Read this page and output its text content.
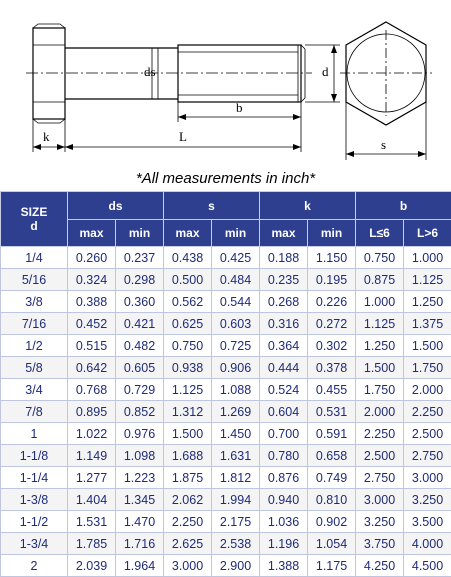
ds	d
b
k	L
s
*All measurements in inch*
SIZE
d	ds		s		k		b	
	max	min	max	min	max	min	L≤6	L>6
1/4	0.260	0.237	0.438	0.425	0.188	1.150	0.750	1.000
5/16	0.324	0.298	0.500	0.484	0.235	0.195	0.875	1.125
3/8	0.388	0.360	0.562	0.544	0.268	0.226	1.000	1.250
7/16	0.452	0.421	0.625	0.603	0.316	0.272	1.125	1.375
1/2	0.515	0.482	0.750	0.725	0.364	0.302	1.250	1.500
5/8	0.642	0.605	0.938	0.906	0.444	0.378	1.500	1.750
3/4	0.768	0.729	1.125	1.088	0.524	0.455	1.750	2.000
7/8	0.895	0.852	1.312	1.269	0.604	0.531	2.000	2.250
1	1.022	0.976	1.500	1.450	0.700	0.591	2.250	2.500
1-1/8	1.149	1.098	1.688	1.631	0.780	0.658	2.500	2.750
1-1/4	1.277	1.223	1.875	1.812	0.876	0.749	2.750	3.000
1-3/8	1.404	1.345	2.062	1.994	0.940	0.810	3.000	3.250
1-1/2	1.531	1.470	2.250	2.175	1.036	0.902	3.250	3.500
1-3/4	1.785	1.716	2.625	2.538	1.196	1.054	3.750	4.000
2	2.039	1.964	3.000	2.900	1.388	1.175	4.250	4.500
